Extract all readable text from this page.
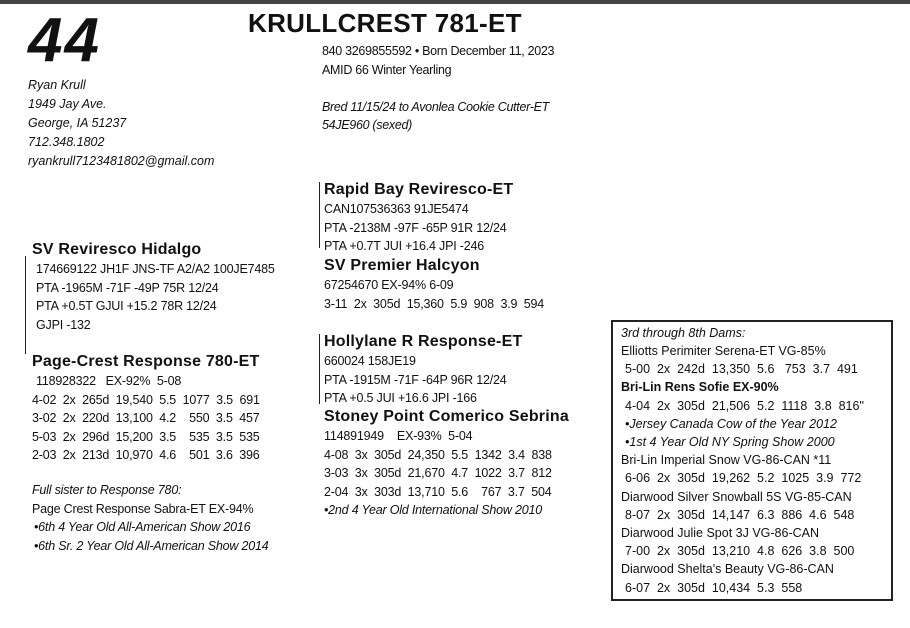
44
Ryan Krull
1949 Jay Ave.
George, IA 51237
712.348.1802
ryankrull7123481802@gmail.com
KRULLCREST 781-ET
840 3269855592 • Born December 11, 2023
AMID 66 Winter Yearling
Bred 11/15/24 to Avonlea Cookie Cutter-ET
54JE960 (sexed)
Rapid Bay Reviresco-ET
CAN107536363 91JE5474
PTA -2138M -97F -65P 91R 12/24
PTA +0.7T JUI +16.4 JPI -246
SV Premier Halcyon
67254670 EX-94% 6-09
3-11  2x  305d  15,360  5.9  908  3.9  594
SV Reviresco Hidalgo
174669122 JH1F JNS-TF A2/A2 100JE7485
PTA -1965M -71F -49P 75R 12/24
PTA +0.5T GJUI +15.2 78R 12/24
GJPI -132
Page-Crest Response 780-ET
118928322   EX-92%  5-08
4-02  2x  265d  19,540  5.5  1077  3.5  691
3-02  2x  220d  13,100  4.2    550  3.5  457
5-03  2x  296d  15,200  3.5    535  3.5  535
2-03  2x  213d  10,970  4.6    501  3.6  396
Full sister to Response 780:
Page Crest Response Sabra-ET EX-94%
•6th 4 Year Old All-American Show 2016
•6th Sr. 2 Year Old All-American Show 2014
Hollylane R Response-ET
660024 158JE19
PTA -1915M -71F -64P 96R 12/24
PTA +0.5 JUI +16.6 JPI -166
Stoney Point Comerico Sebrina
114891949    EX-93%  5-04
4-08  3x  305d  24,350  5.5  1342  3.4  838
3-03  3x  305d  21,670  4.7  1022  3.7  812
2-04  3x  303d  13,710  5.6    767  3.7  504
•2nd 4 Year Old International Show 2010
3rd through 8th Dams:
Elliotts Perimiter Serena-ET VG-85%
5-00  2x  242d  13,350  5.6   753  3.7  491
Bri-Lin Rens Sofie EX-90%
4-04  2x  305d  21,506  5.2  1118  3.8  816"
•Jersey Canada Cow of the Year 2012
•1st 4 Year Old NY Spring Show 2000
Bri-Lin Imperial Snow VG-86-CAN *11
6-06  2x  305d  19,262  5.2  1025  3.9  772
Diarwood Silver Snowball 5S VG-85-CAN
8-07  2x  305d  14,147  6.3  886  4.6  548
Diarwood Julie Spot 3J VG-86-CAN
7-00  2x  305d  13,210  4.8  626  3.8  500
Diarwood Shelta's Beauty VG-86-CAN
6-07  2x  305d  10,434  5.3  558
